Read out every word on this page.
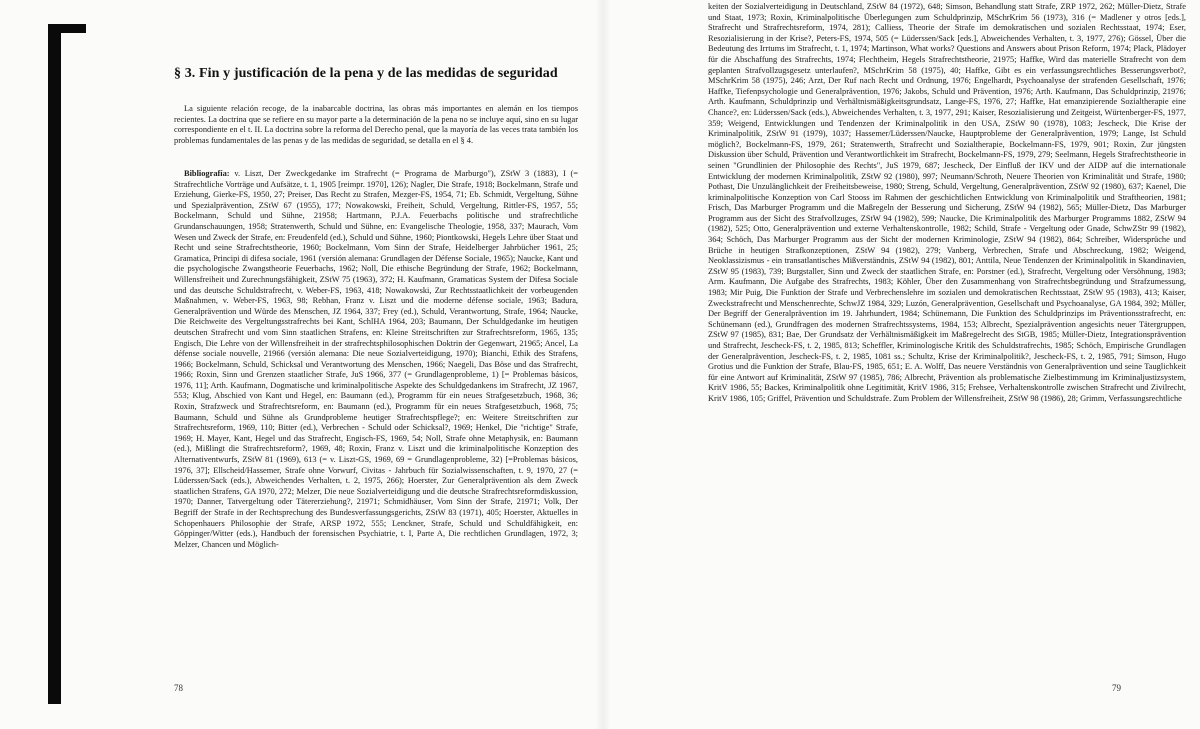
§ 3. Fin y justificación de la pena y de las medidas de seguridad

La siguiente relación recoge, de la inabarcable doctrina, las obras más importantes en alemán en los tiempos recientes. La doctrina que se refiere en su mayor parte a la determinación de la pena no se incluye aquí, sino en su lugar correspondiente en el t. II. La doctrina sobre la reforma del Derecho penal, que la mayoría de las veces trata también los problemas fundamentales de las penas y de las medidas de seguridad, se detalla en el § 4.

Bibliografía: v. Liszt, Der Zweckgedanke im Strafrecht (= Programa de Marburgo"), ZStW 3 (1883), I (= Strafrechtliche Vorträge und Aufsätze, t. 1, 1905 [reimpr. 1970], 126); Nagler, Die Strafe, 1918; Bockelmann, Strafe und Erziehung, Gierke-FS, 1950, 27; Preiser, Das Recht zu Strafen, Mezger-FS, 1954, 71; Eb. Schmidt, Vergeltung, Sühne und Spezialprävention, ZStW 67 (1955), 177; Nowakowski, Freiheit, Schuld, Vergeltung, Rittler-FS, 1957, 55; Bockelmann, Schuld und Sühne, 21958; Hartmann, P.J.A. Feuerbachs politische und strafrechtliche Grundanschauungen, 1958; Stratenwerth, Schuld und Sühne, en: Evangelische Theologie, 1958, 337; Maurach, Vom Wesen und Zweck der Strafe, en: Freudenfeld (ed.), Schuld und Sühne, 1960; Piontkowski, Hegels Lehre über Staat und Recht und seine Strafrechtstheorie, 1960; Bockelmann, Vom Sinn der Strafe, Heidelberger Jahrbücher 1961, 25; Gramatica, Principi di difesa sociale, 1961 (versión alemana: Grundlagen der Défense Sociale, 1965); Naucke, Kant und die psychologische Zwangstheorie Feuerbachs, 1962; Noll, Die ethische Begründung der Strafe, 1962; Bockelmann, Willensfreiheit und Zurechnungsfähigkeit, ZStW 75 (1963), 372; H. Kaufmann, Gramaticas System der Difesa Sociale und das deutsche Schuldstrafrecht, v. Weber-FS, 1963, 418; Nowakowski, Zur Rechtsstaatlichkeit der vorbeugenden Maßnahmen, v. Weber-FS, 1963, 98; Rebhan, Franz v. Liszt und die moderne défense sociale, 1963; Badura, Generalprävention und Würde des Menschen, JZ 1964, 337; Frey (ed.), Schuld, Verantwortung, Strafe, 1964; Naucke, Die Reichweite des Vergeltungsstrafrechts bei Kant, SchlHA 1964, 203; Baumann, Der Schuldgedanke im heutigen deutschen Strafrecht und vom Sinn staatlichen Strafens, en: Kleine Streitschriften zur Strafrechtsreform, 1965, 135; Engisch, Die Lehre von der Willensfreiheit in der strafrechtsphilosophischen Doktrin der Gegenwart, 21965; Ancel, La défense sociale nouvelle, 21966 (versión alemana: Die neue Sozialverteidigung, 1970); Bianchi, Ethik des Strafens, 1966; Bockelmann, Schuld, Schicksal und Verantwortung des Menschen, 1966; Naegeli, Das Böse und das Strafrecht, 1966; Roxin, Sinn und Grenzen staatlicher Strafe, JuS 1966, 377 (= Grundlagenprobleme, 1) [= Problemas básicos, 1976, 11]; Arth. Kaufmann, Dogmatische und kriminalpolitische Aspekte des Schuldgedankens im Strafrecht, JZ 1967, 553; Klug, Abschied von Kant und Hegel, en: Baumann (ed.), Programm für ein neues Strafgesetzbuch, 1968, 36; Roxin, Strafzweck und Strafrechtsreform, en: Baumann (ed.), Programm für ein neues Strafgesetzbuch, 1968, 75; Baumann, Schuld und Sühne als Grundprobleme heutiger Strafrechtspflege?; en: Weitere Streitschriften zur Strafrechtsreform, 1969, 110; Bitter (ed.), Verbrechen - Schuld oder Schicksal?, 1969; Henkel, Die "richtige" Strafe, 1969; H. Mayer, Kant, Hegel und das Strafrecht, Engisch-FS, 1969, 54; Noll, Strafe ohne Metaphysik, en: Baumann (ed.), Mißlingt die Strafrechtsreform?, 1969, 48; Roxin, Franz v. Liszt und die kriminalpolitische Konzeption des Alternativentwurfs, ZStW 81 (1969), 613 (= v. Liszt-GS, 1969, 69 = Grundlagenprobleme, 32) [=Problemas básicos, 1976, 37]; Ellscheid/Hassemer, Strafe ohne Vorwurf, Civitas - Jahrbuch für Sozialwissenschaften, t. 9, 1970, 27 (= Lüderssen/Sack (eds.), Abweichendes Verhalten, t. 2, 1975, 266); Hoerster, Zur Generalprävention als dem Zweck staatlichen Strafens, GA 1970, 272; Melzer, Die neue Sozialverteidigung und die deutsche Strafrechtsreformdiskussion, 1970; Danner, Tatvergeltung oder Tätererziehung?, 21971; Schmidhäuser, Vom Sinn der Strafe, 21971; Volk, Der Begriff der Strafe in der Rechtsprechung des Bundesverfassungsgerichts, ZStW 83 (1971), 405; Hoerster, Aktuelles in Schopenhauers Philosophie der Strafe, ARSP 1972, 555; Lenckner, Strafe, Schuld und Schuldfähigkeit, en: Göppinger/Witter (eds.), Handbuch der forensischen Psychiatrie, t. I, Parte A, Die rechtlichen Grundlagen, 1972, 3; Melzer, Chancen und Möglich-

78

keiten der Sozialverteidigung in Deutschland, ZStW 84 (1972), 648; Simson, Behandlung statt Strafe, ZRP 1972, 262; Müller-Dietz, Strafe und Staat, 1973; Roxin, Kriminalpolitische Überlegungen zum Schuldprinzip, MSchrKrim 56 (1973), 316 (= Madlener y otros [eds.], Strafrecht und Strafrechtsreform, 1974, 281); Calliess, Theorie der Strafe im demokratischen und sozialen Rechtsstaat, 1974; Eser, Resozialisierung in der Krise?, Peters-FS, 1974, 505 (= Lüderssen/Sack [eds.], Abweichendes Verhalten, t. 3, 1977, 276); Gössel, Über die Bedeutung des Irrtums im Strafrecht, t. 1, 1974; Martinson, What works? Questions and Answers about Prison Reform, 1974; Plack, Plädoyer für die Abschaffung des Strafrechts, 1974; Flechtheim, Hegels Strafrechtstheorie, 21975; Haffke, Wird das materielle Strafrecht von dem geplanten Strafvollzugsgesetz unterlaufen?, MSchrKrim 58 (1975), 40; Haffke, Gibt es ein verfassungsrechtliches Besserungsverbot?, MSchrKrim 58 (1975), 246; Arzt, Der Ruf nach Recht und Ordnung, 1976; Engelhardt, Psychoanalyse der strafenden Gesellschaft, 1976; Haffke, Tiefenpsychologie und Generalprävention, 1976; Jakobs, Schuld und Prävention, 1976; Arth. Kaufmann, Das Schuldprinzip, 21976; Arth. Kaufmann, Schuldprinzip und Verhältnismäßigkeitsgrundsatz, Lange-FS, 1976, 27; Haffke, Hat emanzipierende Sozialtherapie eine Chance?, en: Lüderssen/Sack (eds.), Abweichendes Verhalten, t. 3, 1977, 291; Kaiser, Resozialisierung und Zeitgeist, Würtenberger-FS, 1977, 359; Weigend, Entwicklungen und Tendenzen der Kriminalpolitik in den USA, ZStW 90 (1978), 1083; Jescheck, Die Krise der Kriminalpolitik, ZStW 91 (1979), 1037; Hassemer/Lüderssen/Naucke, Hauptprobleme der Generalprävention, 1979; Lange, Ist Schuld möglich?, Bockelmann-FS, 1979, 261; Stratenwerth, Strafrecht und Sozialtherapie, Bockelmann-FS, 1979, 901; Roxin, Zur jüngsten Diskussion über Schuld, Prävention und Verantwortlichkeit im Strafrecht, Bockelmann-FS, 1979, 279; Seelmann, Hegels Strafrechtstheorie in seinen "Grundlinien der Philosophie des Rechts", JuS 1979, 687; Jescheck, Der Einfluß der IKV und der AIDP auf die internationale Entwicklung der modernen Kriminalpolitik, ZStW 92 (1980), 997; Neumann/Schroth, Neuere Theorien von Kriminalität und Strafe, 1980; Pothast, Die Unzulänglichkeit der Freiheitsbeweise, 1980; Streng, Schuld, Vergeltung, Generalprävention, ZStW 92 (1980), 637; Kaenel, Die kriminalpolitische Konzeption von Carl Stooss im Rahmen der geschichtlichen Entwicklung von Kriminalpolitik und Straftheorien, 1981; Frisch, Das Marburger Programm und die Maßregeln der Besserung und Sicherung, ZStW 94 (1982), 565; Müller-Dietz, Das Marburger Programm aus der Sicht des Strafvollzuges, ZStW 94 (1982), 599; Naucke, Die Kriminalpolitik des Marburger Programms 1882, ZStW 94 (1982), 525; Otto, Generalprävention und externe Verhaltenskontrolle, 1982; Schild, Strafe - Vergeltung oder Gnade, SchwZStr 99 (1982), 364; Schöch, Das Marburger Programm aus der Sicht der modernen Kriminologie, ZStW 94 (1982), 864; Schreiber, Widersprüche und Brüche in heutigen Strafkonzeptionen, ZStW 94 (1982), 279; Vanberg, Verbrechen, Strafe und Abschreckung, 1982; Weigend, Neoklassizismus - ein transatlantisches Mißverständnis, ZStW 94 (1982), 801; Anttila, Neue Tendenzen der Kriminalpolitik in Skandinavien, ZStW 95 (1983), 739; Burgstaller, Sinn und Zweck der staatlichen Strafe, en: Porstner (ed.), Strafrecht, Vergeltung oder Versöhnung, 1983; Arm. Kaufmann, Die Aufgabe des Strafrechts, 1983; Köhler, Über den Zusammenhang von Strafrechtsbegründung und Strafzumessung, 1983; Mir Puig, Die Funktion der Strafe und Verbrechenslehre im sozialen und demokratischen Rechtsstaat, ZStW 95 (1983), 413; Kaiser, Zweckstrafrecht und Menschenrechte, SchwJZ 1984, 329; Luzón, Generalprävention, Gesellschaft und Psychoanalyse, GA 1984, 392; Müller, Der Begriff der Generalprävention im 19. Jahrhundert, 1984; Schünemann, Die Funktion des Schuldprinzips im Präventionsstrafrecht, en: Schünemann (ed.), Grundfragen des modernen Strafrechtssystems, 1984, 153; Albrecht, Spezialprävention angesichts neuer Tätergruppen, ZStW 97 (1985), 831; Bae, Der Grundsatz der Verhältnismäßigkeit im Maßregelrecht des StGB, 1985; Müller-Dietz, Integrationsprävention und Strafrecht, Jescheck-FS, t. 2, 1985, 813; Scheffler, Kriminologische Kritik des Schuldstrafrechts, 1985; Schöch, Empirische Grundlagen der Generalprävention, Jescheck-FS, t. 2, 1985, 1081 ss.; Schultz, Krise der Kriminalpolitik?, Jescheck-FS, t. 2, 1985, 791; Simson, Hugo Grotius und die Funktion der Strafe, Blau-FS, 1985, 651; E. A. Wolff, Das neuere Verständnis von Generalprävention und seine Tauglichkeit für eine Antwort auf Kriminalität, ZStW 97 (1985), 786; Albrecht, Prävention als problematische Zielbestimmung im Kriminaljustizsystem, KritV 1986, 55; Backes, Kriminalpolitik ohne Legitimität, KritV 1986, 315; Frehsee, Verhaltenskontrolle zwischen Strafrecht und Zivilrecht, KritV 1986, 105; Griffel, Prävention und Schuldstrafe. Zum Problem der Willensfreiheit, ZStW 98 (1986), 28; Grimm, Verfassungsrechtliche

79
